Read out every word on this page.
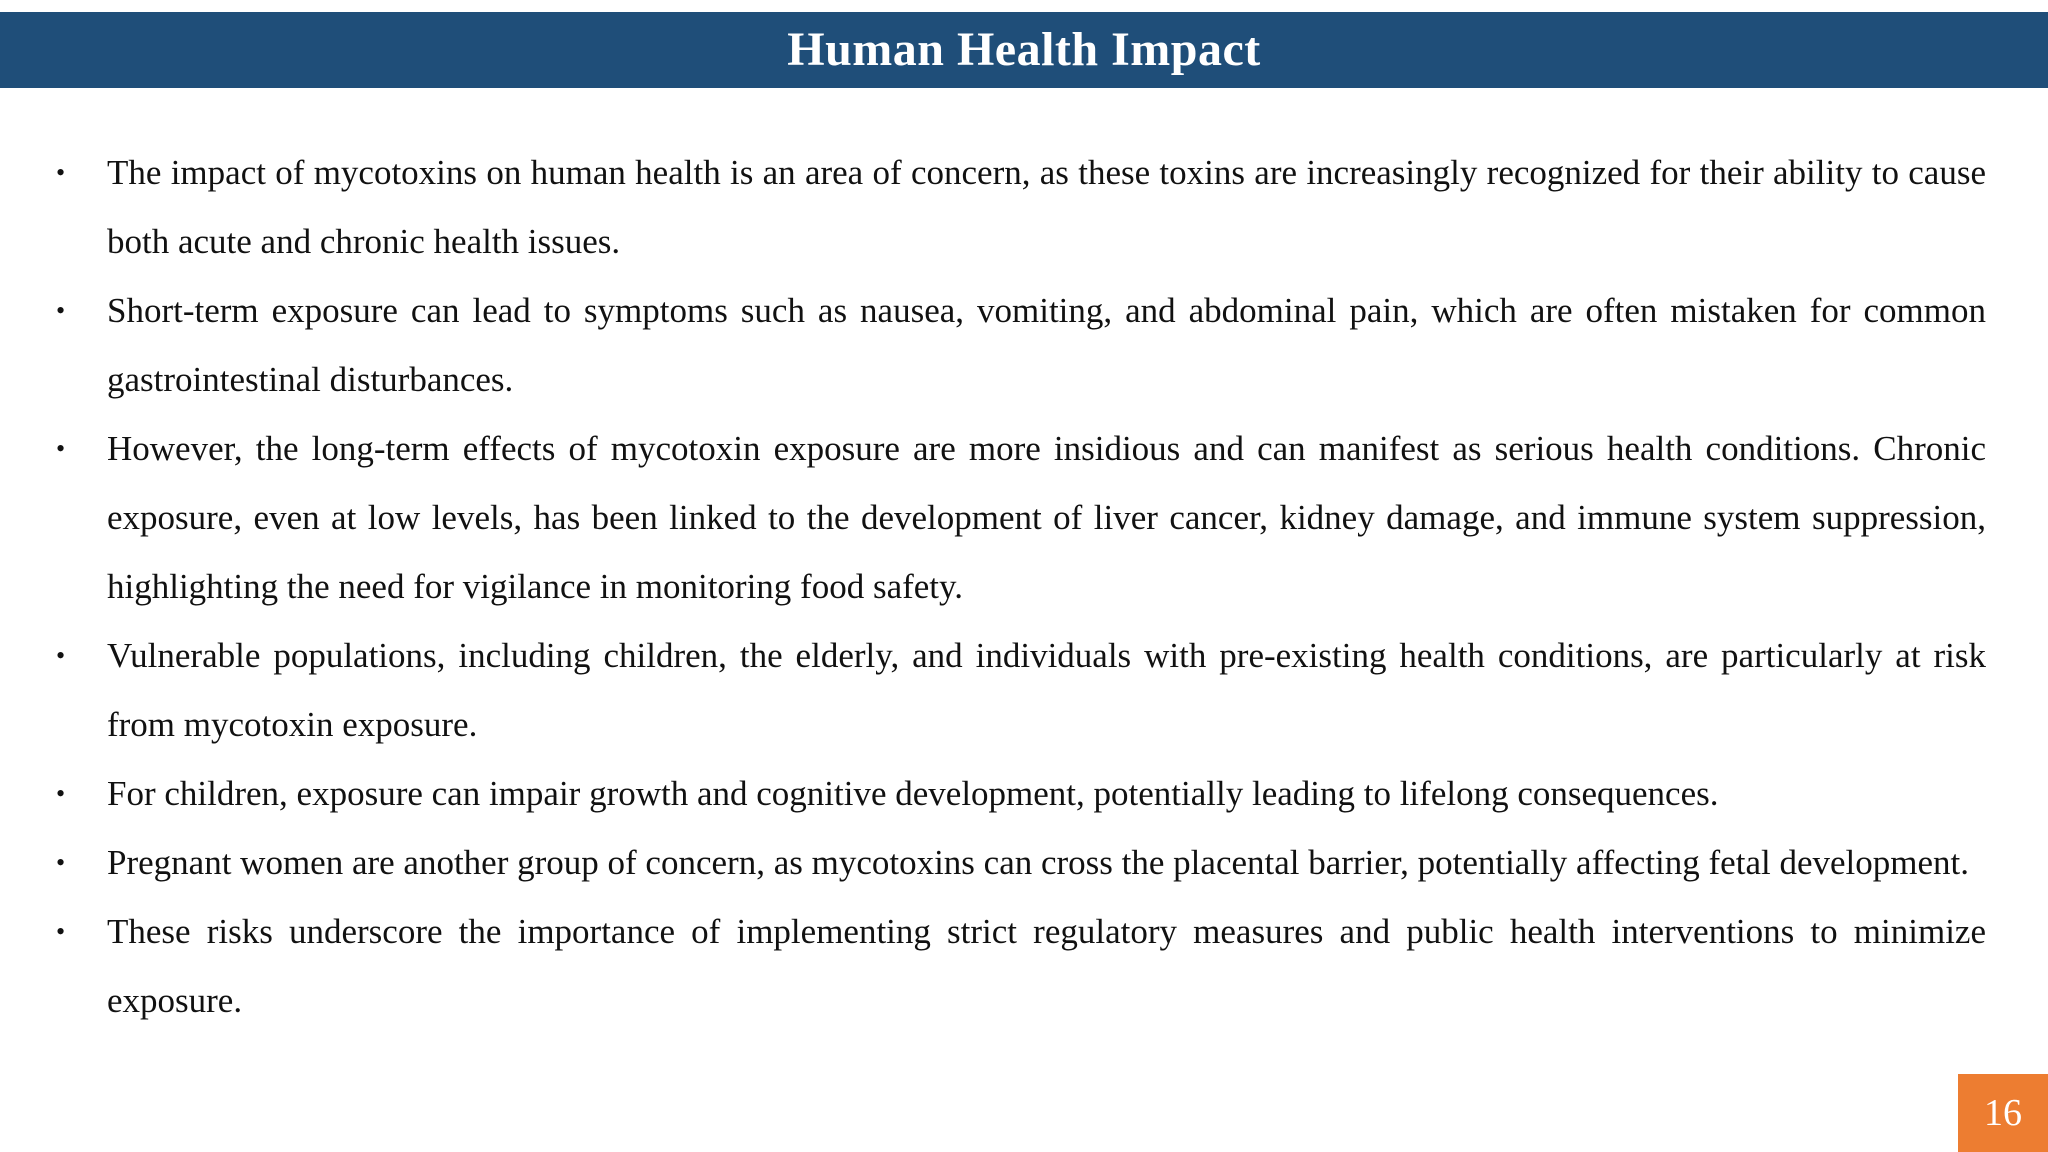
Human Health Impact
• The impact of mycotoxins on human health is an area of concern, as these toxins are increasingly recognized for their ability to cause both acute and chronic health issues.
• Short-term exposure can lead to symptoms such as nausea, vomiting, and abdominal pain, which are often mistaken for common gastrointestinal disturbances.
• However, the long-term effects of mycotoxin exposure are more insidious and can manifest as serious health conditions. Chronic exposure, even at low levels, has been linked to the development of liver cancer, kidney damage, and immune system suppression, highlighting the need for vigilance in monitoring food safety.
• Vulnerable populations, including children, the elderly, and individuals with pre-existing health conditions, are particularly at risk from mycotoxin exposure.
• For children, exposure can impair growth and cognitive development, potentially leading to lifelong consequences.
• Pregnant women are another group of concern, as mycotoxins can cross the placental barrier, potentially affecting fetal development.
• These risks underscore the importance of implementing strict regulatory measures and public health interventions to minimize exposure.
16
